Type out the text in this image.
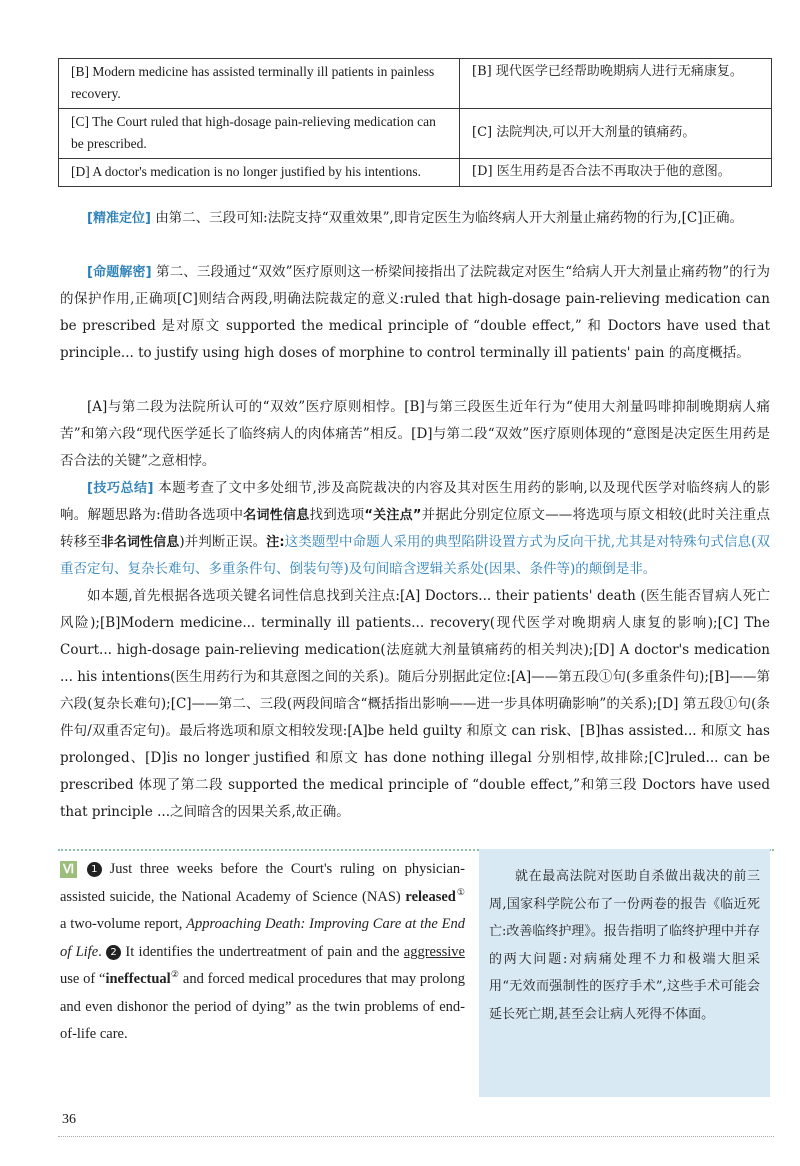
[B] Modern medicine has assisted terminally ill patients in painless recovery.	[B] 现代医学已经帮助晚期病人进行无痛康复。
[C] The Court ruled that high-dosage pain-relieving medication can be prescribed.	[C] 法院判决,可以开大剂量的镇痛药。
[D] A doctor's medication is no longer justified by his intentions.	[D] 医生用药是否合法不再取决于他的意图。

[精准定位] 由第二、三段可知:法院支持“双重效果”,即肯定医生为临终病人开大剂量止痛药物的行为,[C]正确。

[命题解密] 第二、三段通过“双效”医疗原则这一桥梁间接指出了法院裁定对医生“给病人开大剂量止痛药物”的行为的保护作用,正确项[C]则结合两段,明确法院裁定的意义:ruled that high-dosage pain-relieving medication can be prescribed 是对原文 supported the medical principle of “double effect,” 和 Doctors have used that principle... to justify using high doses of morphine to control terminally ill patients' pain 的高度概括。

[A]与第二段为法院所认可的“双效”医疗原则相悖。[B]与第三段医生近年行为“使用大剂量吗啡抑制晚期病人痛苦”和第六段“现代医学延长了临终病人的肉体痛苦”相反。[D]与第二段“双效”医疗原则体现的“意图是决定医生用药是否合法的关键”之意相悖。

[技巧总结] 本题考查了文中多处细节,涉及高院裁决的内容及其对医生用药的影响,以及现代医学对临终病人的影响。解题思路为:借助各选项中名词性信息找到选项“关注点”并据此分别定位原文——将选项与原文相较(此时关注重点转移至非名词性信息)并判断正误。注:这类题型中命题人采用的典型陷阱设置方式为反向干扰,尤其是对特殊句式信息(双重否定句、复杂长难句、多重条件句、倒装句等)及句间暗含逻辑关系处(因果、条件等)的颠倒是非。

如本题,首先根据各选项关键名词性信息找到关注点:[A] Doctors... their patients' death (医生能否冒病人死亡风险);[B]Modern medicine... terminally ill patients... recovery(现代医学对晚期病人康复的影响);[C] The Court... high-dosage pain-relieving medication(法庭就大剂量镇痛药的相关判决);[D] A doctor's medication ... his intentions(医生用药行为和其意图之间的关系)。随后分别据此定位:[A]——第五段①句(多重条件句);[B]——第六段(复杂长难句);[C]——第二、三段(两段间暗含“概括指出影响——进一步具体明确影响”的关系);[D] 第五段①句(条件句/双重否定句)。最后将选项和原文相较发现:[A]be held guilty 和原文 can risk、[B]has assisted... 和原文 has prolonged、[D]is no longer justified 和原文 has done nothing illegal 分别相悖,故排除;[C]ruled... can be prescribed 体现了第二段 supported the medical principle of “double effect,”和第三段 Doctors have used that principle ...之间暗含的因果关系,故正确。

Ⅵ 1 Just three weeks before the Court's ruling on physician-assisted suicide, the National Academy of Science (NAS) released① a two-volume report, Approaching Death: Improving Care at the End of Life. 2 It identifies the undertreatment of pain and the aggressive use of “ineffectual② and forced medical procedures that may prolong and even dishonor the period of dying” as the twin problems of end-of-life care.

就在最高法院对医助自杀做出裁决的前三周,国家科学院公布了一份两卷的报告《临近死亡:改善临终护理》。报告指明了临终护理中并存的两大问题:对病痛处理不力和极端大胆采用“无效而强制性的医疗手术”,这些手术可能会延长死亡期,甚至会让病人死得不体面。

36
